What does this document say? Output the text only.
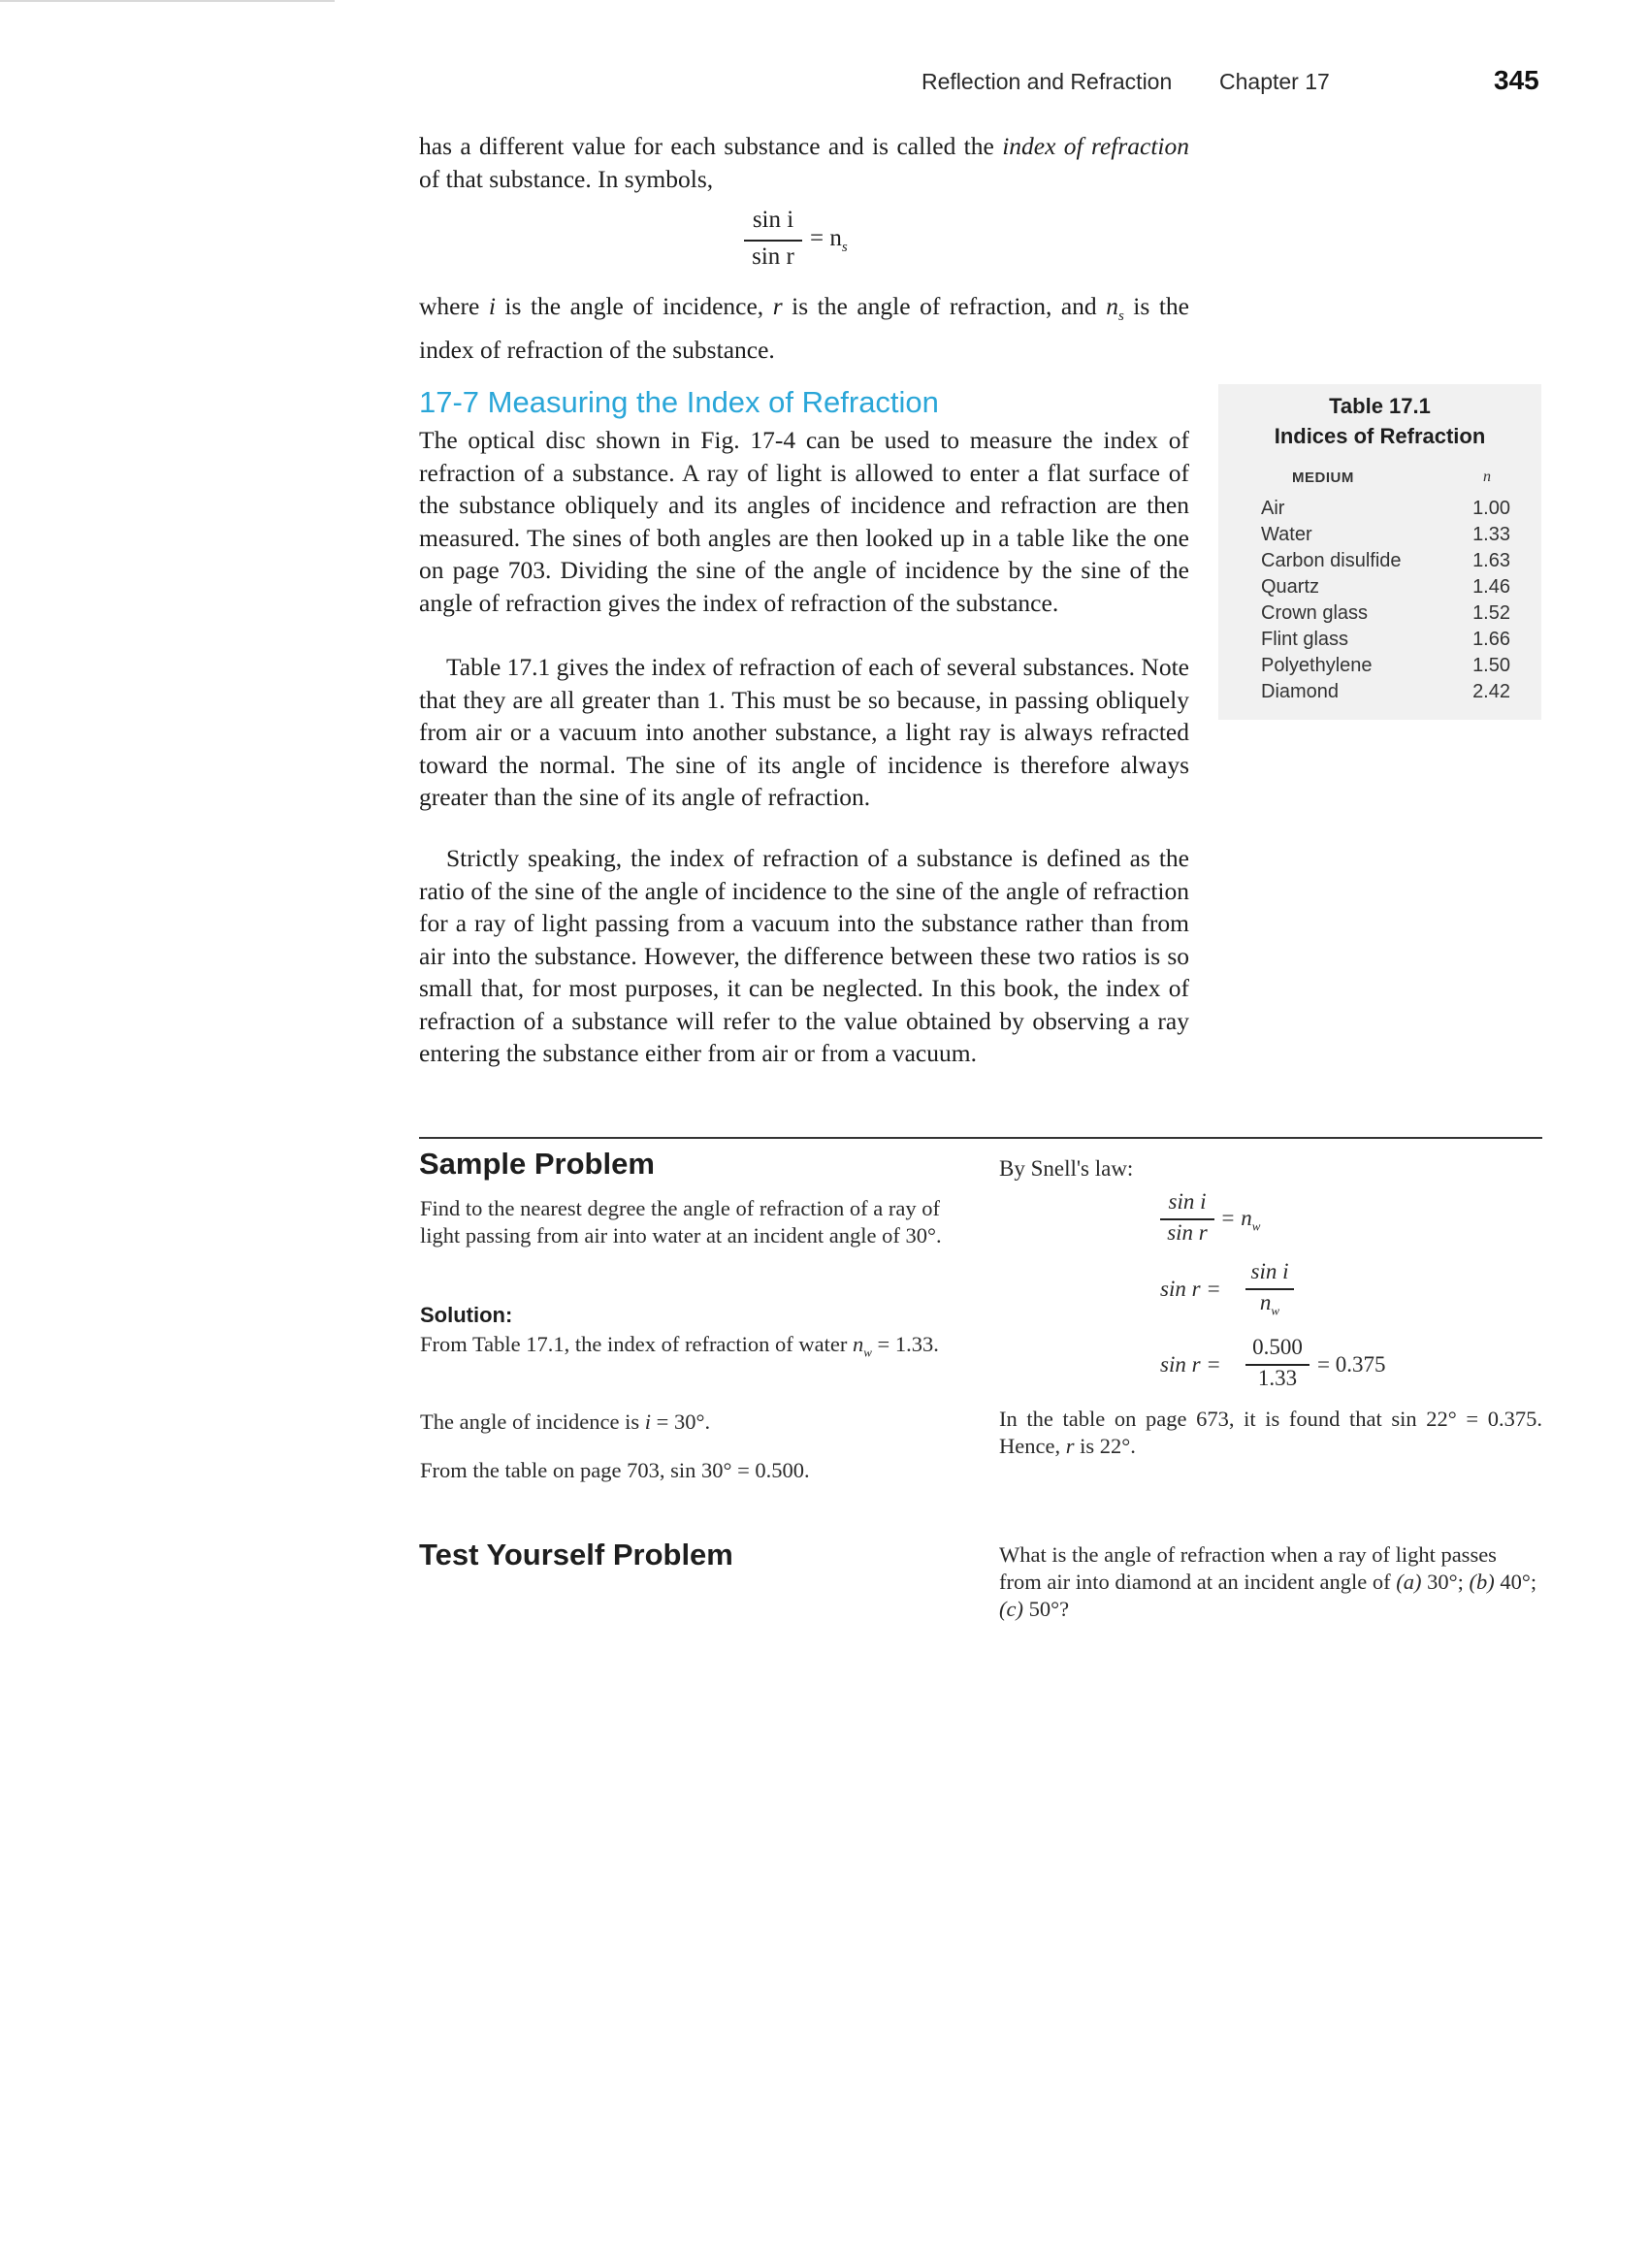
Reflection and Refraction Chapter 17	345

has a different value for each substance and is called the index of refraction of that substance. In symbols,

sin i
sin r
= $n_s$

where i is the angle of incidence, r is the angle of refraction, and $n_s$ is the index of refraction of the substance.

17-7 Measuring the Index of Refraction

The optical disc shown in Fig. 17-4 can be used to measure the index of refraction of a substance. A ray of light is allowed to enter a flat surface of the substance obliquely and its angles of incidence and refraction are then measured. The sines of both angles are then looked up in a table like the one on page 703. Dividing the sine of the angle of incidence by the sine of the angle of refraction gives the index of refraction of the substance.

Table 17.1 gives the index of refraction of each of several substances. Note that they are all greater than 1. This must be so because, in passing obliquely from air or a vacuum into another substance, a light ray is always refracted toward the normal. The sine of its angle of incidence is therefore always greater than the sine of its angle of refraction.

Strictly speaking, the index of refraction of a substance is defined as the ratio of the sine of the angle of incidence to the sine of the angle of refraction for a ray of light passing from a vacuum into the substance rather than from air into the substance. However, the difference between these two ratios is so small that, for most purposes, it can be neglected. In this book, the index of refraction of a substance will refer to the value obtained by observing a ray entering the substance either from air or from a vacuum.

Table 17.1
Indices of Refraction
MEDIUM	n
Air	1.00
Water	1.33
Carbon disulfide	1.63
Quartz	1.46
Crown glass	1.52
Flint glass	1.66
Polyethylene	1.50
Diamond	2.42
Sample Problem

Find to the nearest degree the angle of refraction of a ray of light passing from air into water at an incident angle of 30°.

Solution:

From Table 17.1, the index of refraction of water $n_w = 1.33$.

The angle of incidence is i = 30°.

From the table on page 703, sin 30° = 0.500.

By Snell's law:
sin i
sin r
= $n_w$
sin r =
sin i
$n_w$
sin r =
0.500
1.33
= 0.375

In the table on page 673, it is found that sin 22° = 0.375. Hence, r is 22°.

Test Yourself Problem	What is the angle of refraction when a ray of light passes from air into diamond at an incident angle of (a) 30°; (b) 40°; (c) 50°?
